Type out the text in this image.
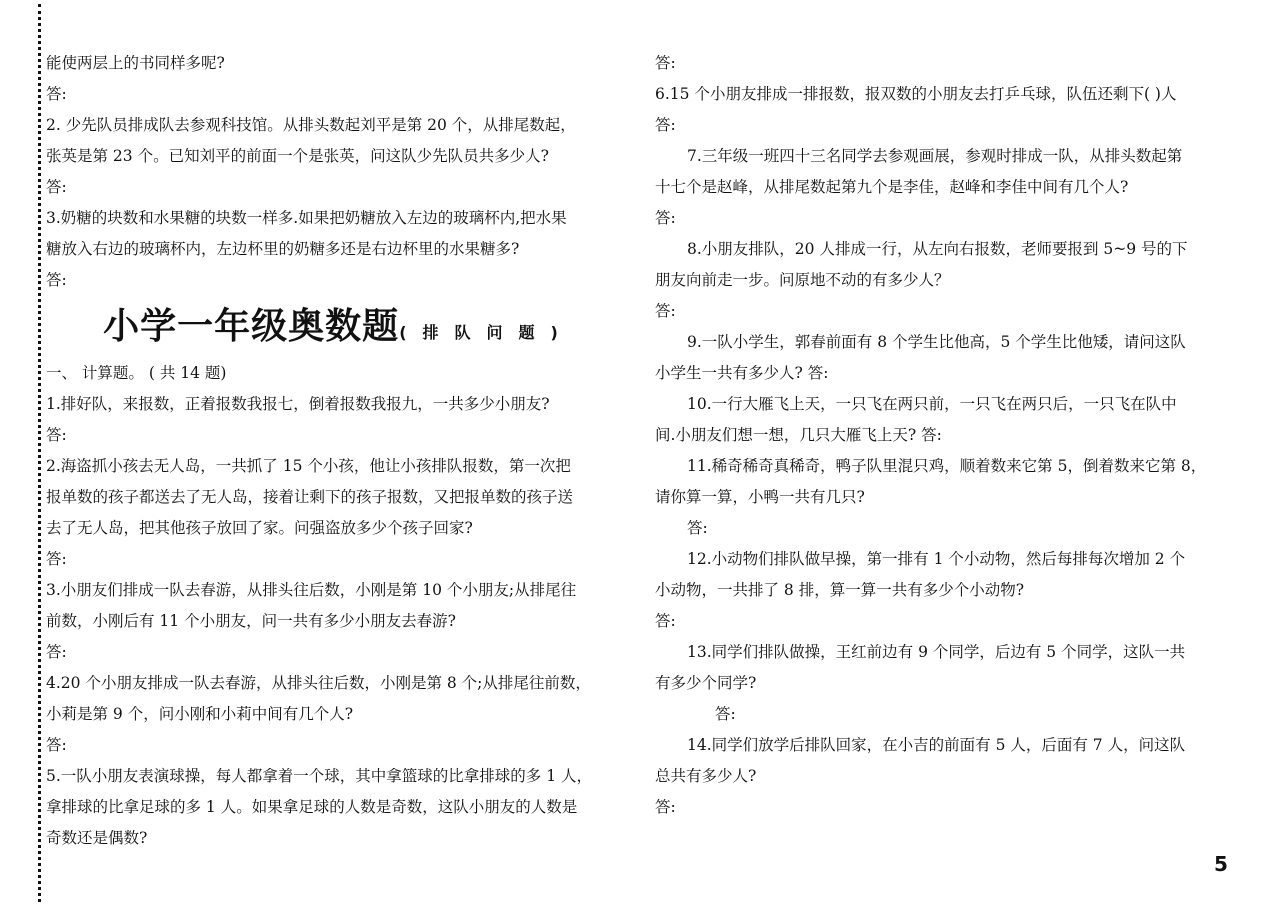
能使两层上的书同样多呢?
答:
2. 少先队员排成队去参观科技馆。从排头数起刘平是第 20 个，从排尾数起，
张英是第 23 个。已知刘平的前面一个是张英，问这队少先队员共多少人?
答:
3.奶糖的块数和水果糖的块数一样多.如果把奶糖放入左边的玻璃杯内,把水果
糖放入右边的玻璃杯内，左边杯里的奶糖多还是右边杯里的水果糖多?
答:
小学一年级奥数题(排队问题)
一、 计算题。 ( 共 14 题)
1.排好队，来报数，正着报数我报七，倒着报数我报九，一共多少小朋友?
答:
2.海盗抓小孩去无人岛，一共抓了 15 个小孩，他让小孩排队报数，第一次把
报单数的孩子都送去了无人岛，接着让剩下的孩子报数，又把报单数的孩子送
去了无人岛，把其他孩子放回了家。问强盗放多少个孩子回家?
答:
3.小朋友们排成一队去春游，从排头往后数，小刚是第 10 个小朋友;从排尾往
前数，小刚后有 11 个小朋友，问一共有多少小朋友去春游?
答:
4.20 个小朋友排成一队去春游，从排头往后数，小刚是第 8 个;从排尾往前数，
小莉是第 9 个，问小刚和小莉中间有几个人?
答:
5.一队小朋友表演球操，每人都拿着一个球，其中拿篮球的比拿排球的多 1 人，
拿排球的比拿足球的多 1 人。如果拿足球的人数是奇数，这队小朋友的人数是
奇数还是偶数?
答:
6.15 个小朋友排成一排报数，报双数的小朋友去打乒乓球，队伍还剩下( )人
答:
7.三年级一班四十三名同学去参观画展，参观时排成一队，从排头数起第
十七个是赵峰，从排尾数起第九个是李佳，赵峰和李佳中间有几个人?
答:
8.小朋友排队，20 人排成一行，从左向右报数，老师要报到 5~9 号的下
朋友向前走一步。问原地不动的有多少人？
答:
9.一队小学生，郭春前面有 8 个学生比他高，5 个学生比他矮，请问这队
小学生一共有多少人? 答:
10.一行大雁飞上天，一只飞在两只前，一只飞在两只后，一只飞在队中
间.小朋友们想一想，几只大雁飞上天? 答:
11.稀奇稀奇真稀奇，鸭子队里混只鸡，顺着数来它第 5，倒着数来它第 8，
请你算一算，小鸭一共有几只?
答:
12.小动物们排队做早操，第一排有 1 个小动物，然后每排每次增加 2 个
小动物，一共排了 8 排，算一算一共有多少个小动物?
答:
13.同学们排队做操，王红前边有 9 个同学，后边有 5 个同学，这队一共
有多少个同学?
答:
14.同学们放学后排队回家，在小吉的前面有 5 人，后面有 7 人，问这队
总共有多少人?
答:
5
